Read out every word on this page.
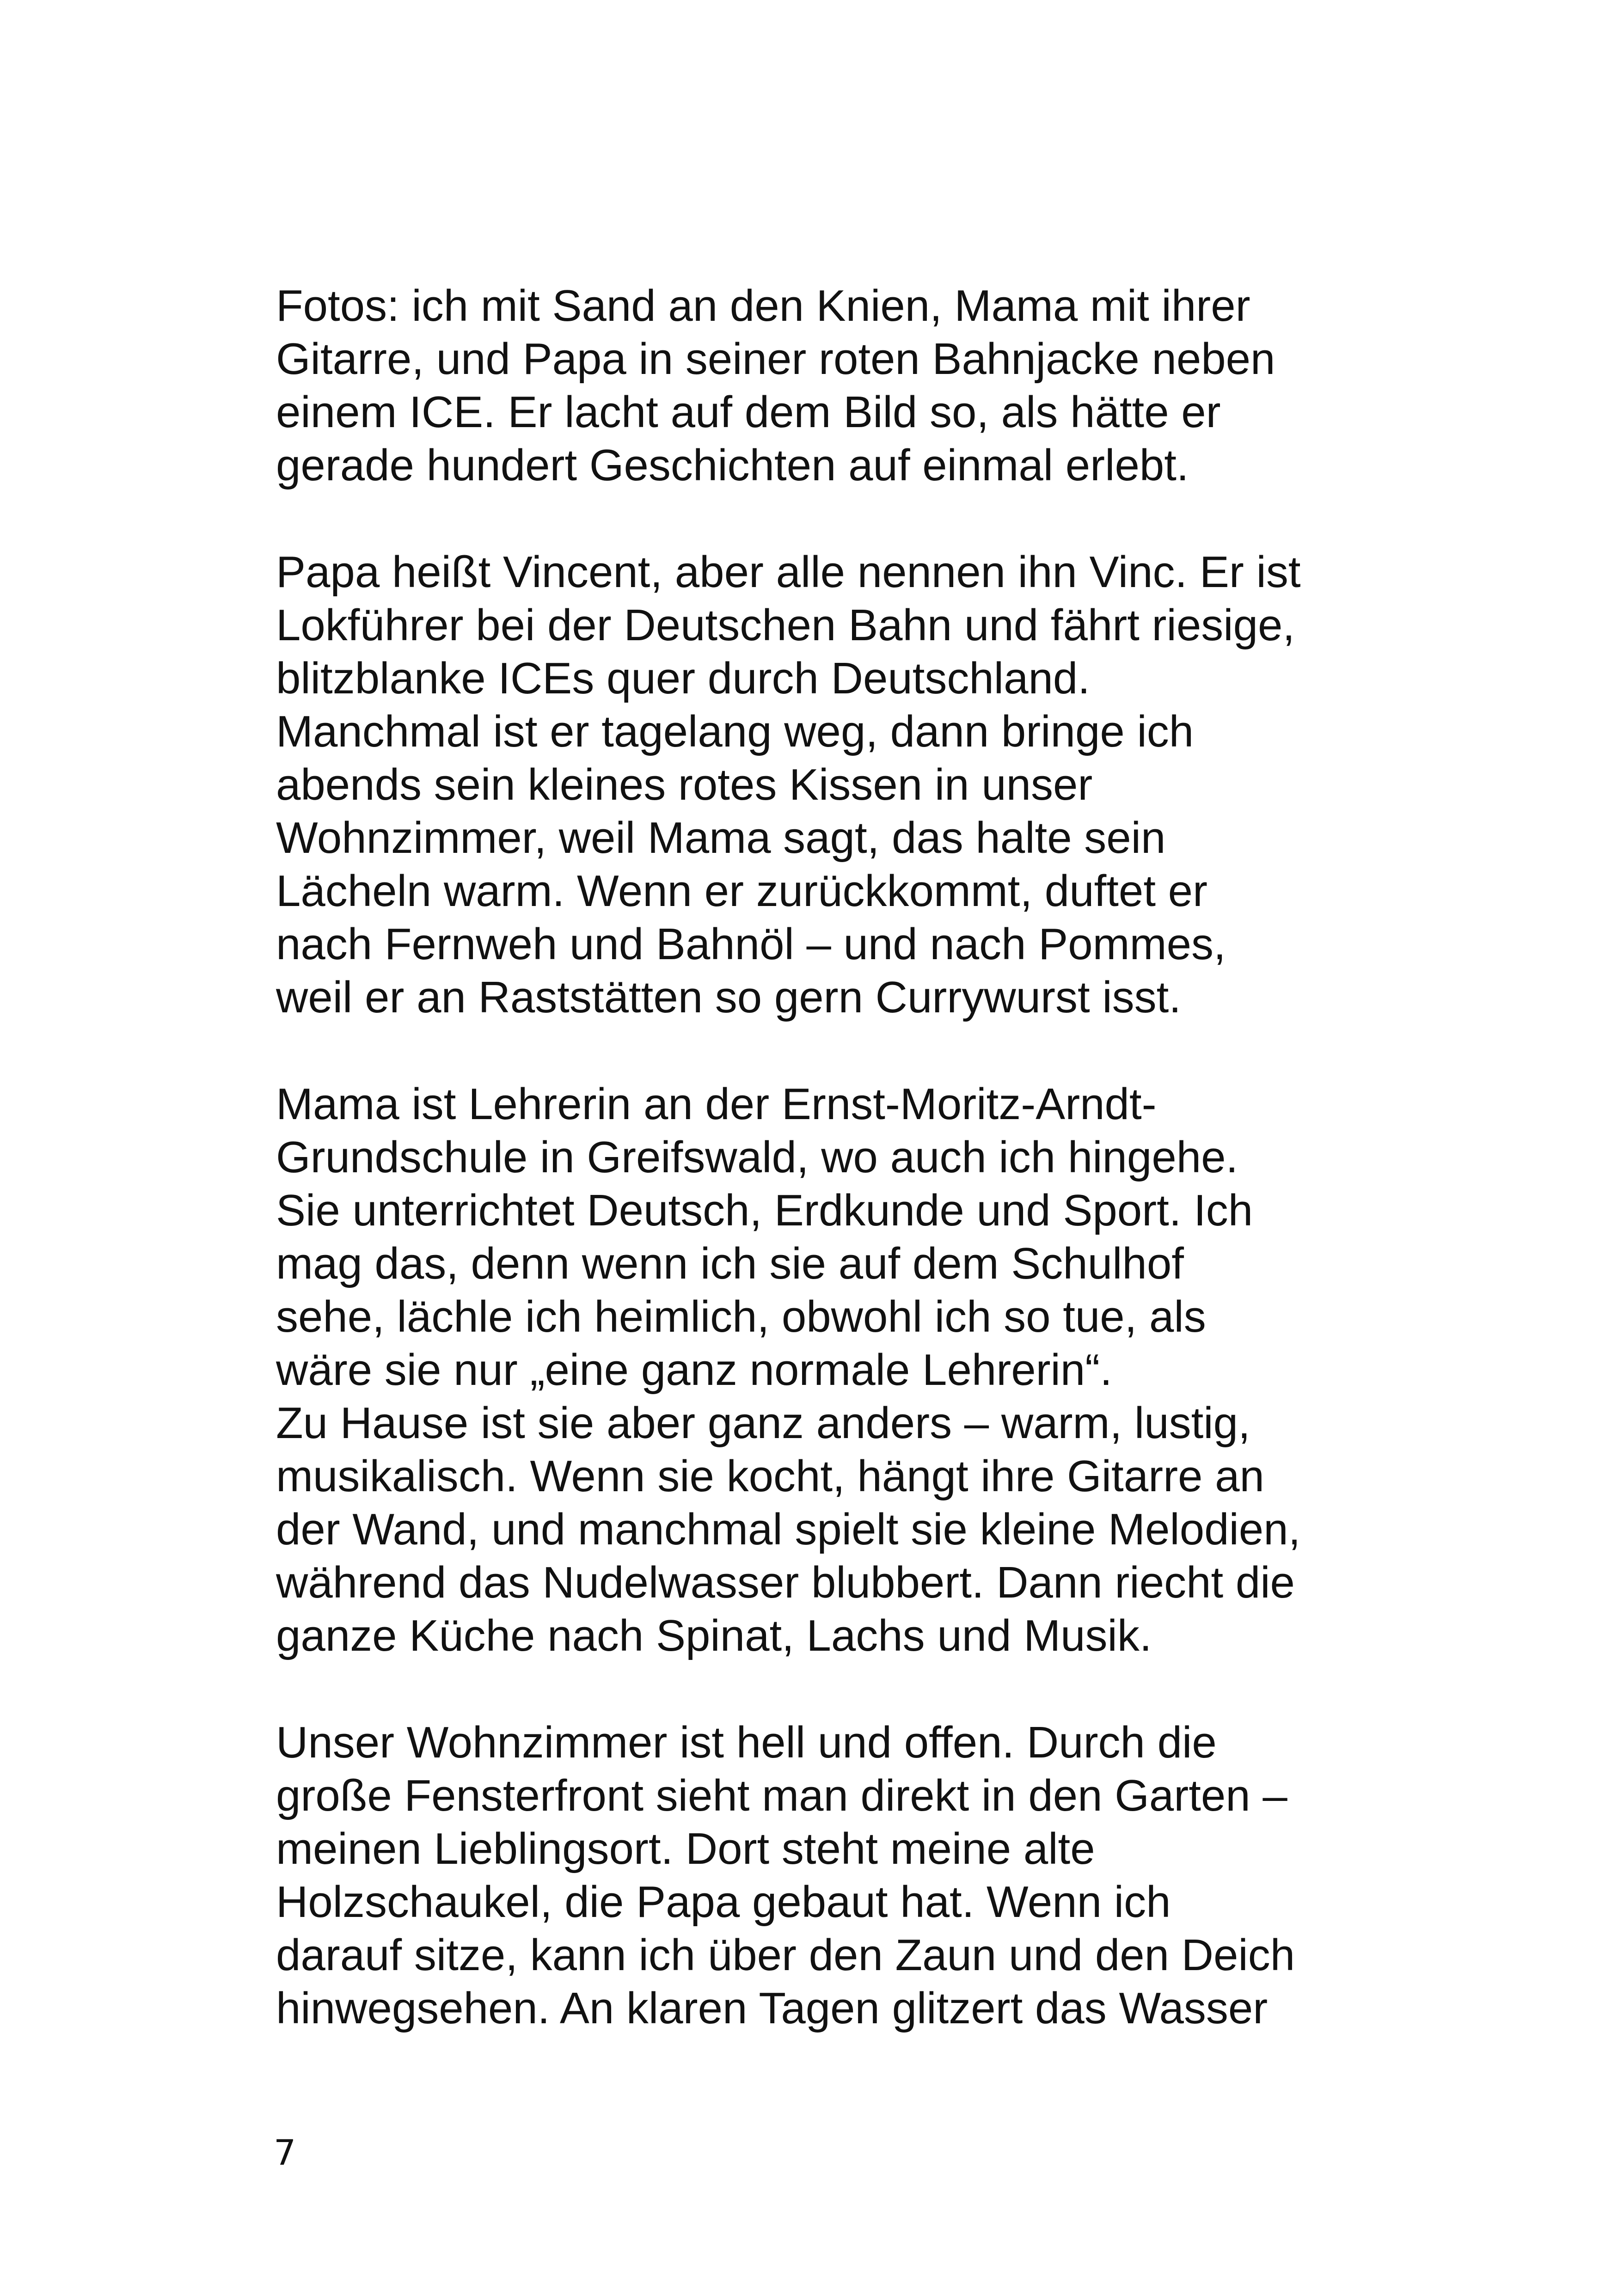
Fotos: ich mit Sand an den Knien, Mama mit ihrer
Gitarre, und Papa in seiner roten Bahnjacke neben
einem ICE. Er lacht auf dem Bild so, als hätte er
gerade hundert Geschichten auf einmal erlebt.

Papa heißt Vincent, aber alle nennen ihn Vinc. Er ist
Lokführer bei der Deutschen Bahn und fährt riesige,
blitzblanke ICEs quer durch Deutschland.
Manchmal ist er tagelang weg, dann bringe ich
abends sein kleines rotes Kissen in unser
Wohnzimmer, weil Mama sagt, das halte sein
Lächeln warm. Wenn er zurückkommt, duftet er
nach Fernweh und Bahnöl – und nach Pommes,
weil er an Raststätten so gern Currywurst isst.

Mama ist Lehrerin an der Ernst-Moritz-Arndt-
Grundschule in Greifswald, wo auch ich hingehe.
Sie unterrichtet Deutsch, Erdkunde und Sport. Ich
mag das, denn wenn ich sie auf dem Schulhof
sehe, lächle ich heimlich, obwohl ich so tue, als
wäre sie nur „eine ganz normale Lehrerin“.
Zu Hause ist sie aber ganz anders – warm, lustig,
musikalisch. Wenn sie kocht, hängt ihre Gitarre an
der Wand, und manchmal spielt sie kleine Melodien,
während das Nudelwasser blubbert. Dann riecht die
ganze Küche nach Spinat, Lachs und Musik.

Unser Wohnzimmer ist hell und offen. Durch die
große Fensterfront sieht man direkt in den Garten –
meinen Lieblingsort. Dort steht meine alte
Holzschaukel, die Papa gebaut hat. Wenn ich
darauf sitze, kann ich über den Zaun und den Deich
hinwegsehen. An klaren Tagen glitzert das Wasser

7
